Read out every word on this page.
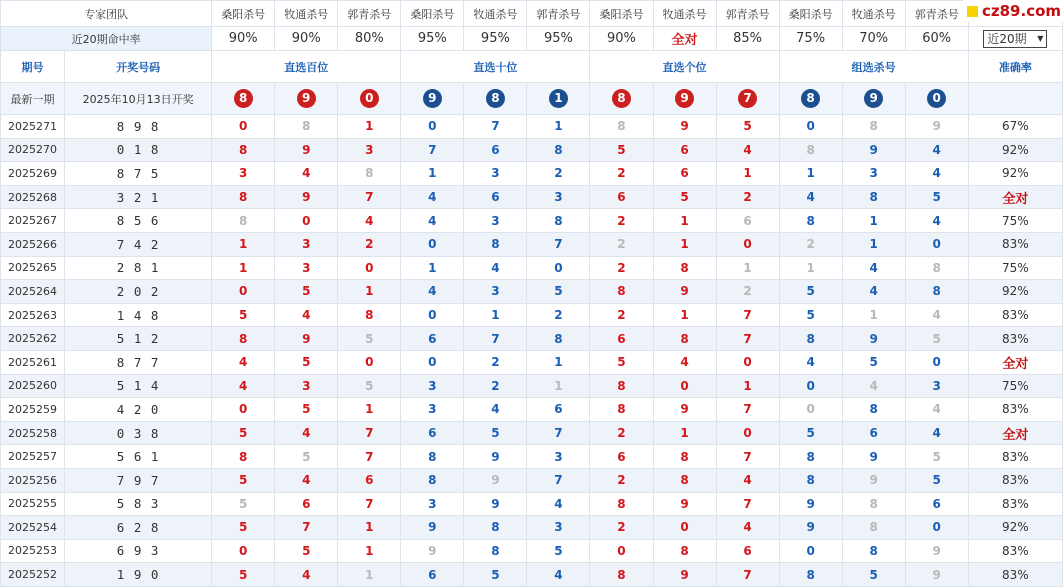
专家团队		桑阳杀号	牧通杀号	郭青杀号	桑阳杀号	牧通杀号	郭青杀号	桑阳杀号	牧通杀号	郭青杀号	桑阳杀号	牧通杀号	郭青杀号	
近20期命中率		90%	90%	80%	95%	95%	95%	90%	全对	85%	75%	70%	60%	近20期 ▼

期号	开奖号码	直选百位			直选十位			直选个位			组选杀号			准确率
最新一期	2025年10月13日开奖	8	9	0	9	8	1	8	9	7	8	9	0	
2025271	8 9 8	0	8	1	0	7	1	8	9	5	0	8	9	67%
2025270	0 1 8	8	9	3	7	6	8	5	6	4	8	9	4	92%
2025269	8 7 5	3	4	8	1	3	2	2	6	1	1	3	4	92%
2025268	3 2 1	8	9	7	4	6	3	6	5	2	4	8	5	全对
2025267	8 5 6	8	0	4	4	3	8	2	1	6	8	1	4	75%
2025266	7 4 2	1	3	2	0	8	7	2	1	0	2	1	0	83%
2025265	2 8 1	1	3	0	1	4	0	2	8	1	1	4	8	75%
2025264	2 0 2	0	5	1	4	3	5	8	9	2	5	4	8	92%
2025263	1 4 8	5	4	8	0	1	2	2	1	7	5	1	4	83%
2025262	5 1 2	8	9	5	6	7	8	6	8	7	8	9	5	83%
2025261	8 7 7	4	5	0	0	2	1	5	4	0	4	5	0	全对
2025260	5 1 4	4	3	5	3	2	1	8	0	1	0	4	3	75%
2025259	4 2 0	0	5	1	3	4	6	8	9	7	0	8	4	83%
2025258	0 3 8	5	4	7	6	5	7	2	1	0	5	6	4	全对
2025257	5 6 1	8	5	7	8	9	3	6	8	7	8	9	5	83%
2025256	7 9 7	5	4	6	8	9	7	2	8	4	8	9	5	83%
2025255	5 8 3	5	6	7	3	9	4	8	9	7	9	8	6	83%
2025254	6 2 8	5	7	1	9	8	3	2	0	4	9	8	0	92%
2025253	6 9 3	0	5	1	9	8	5	0	8	6	0	8	9	83%
2025252	1 9 0	5	4	1	6	5	4	8	9	7	8	5	9	83%
cz89.com
